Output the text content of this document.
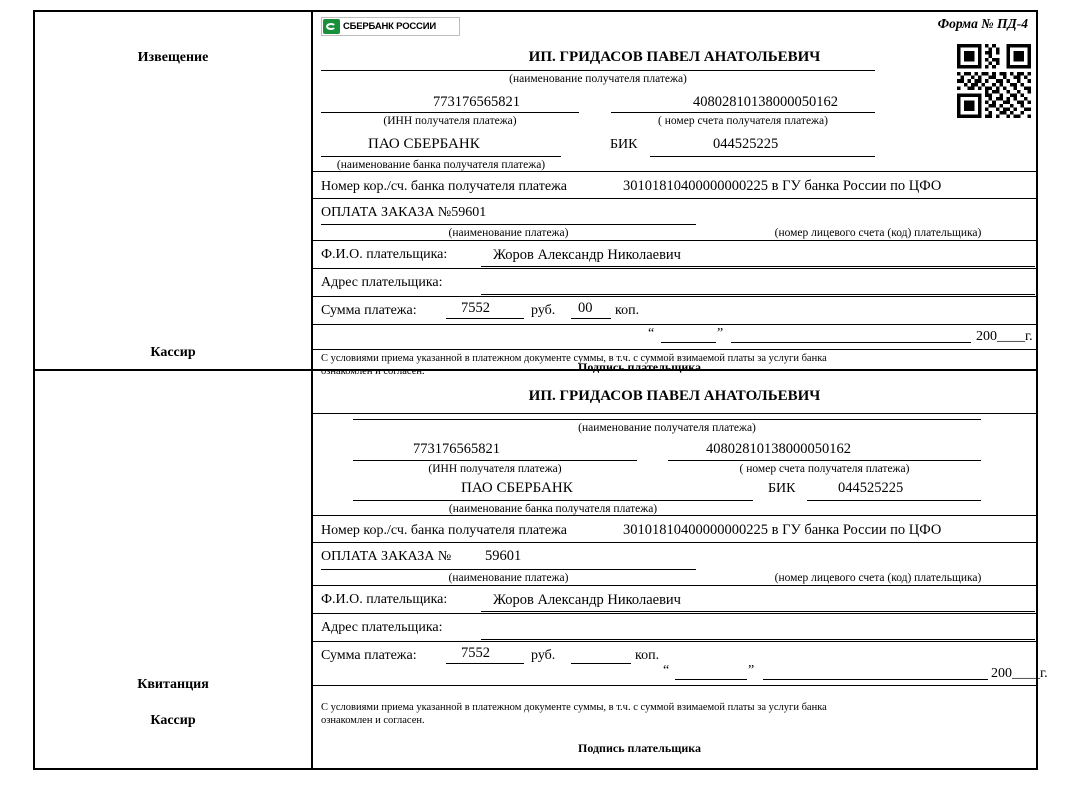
Извещение
Кассир
СБЕРБАНК РОССИИ	Форма № ПД-4
ИП. ГРИДАСОВ ПАВЕЛ АНАТОЛЬЕВИЧ
(наименование получателя платежа)
773176565821
(ИНН получателя платежа)
40802810138000050162
( номер счета получателя платежа)
ПАО СБЕРБАНК
(наименование банка получателя платежа)
БИК	044525225
Номер кор./сч. банка получателя платежа	30101810400000000225 в ГУ банка России по ЦФО
ОПЛАТА ЗАКАЗА №59601
(наименование платежа)	(номер лицевого счета (код) плательщика)
Ф.И.О. плательщика:	Жоров Александр Николаевич
Адрес плательщика:
Сумма платежа:	7552	руб. 00 коп.
“	”	200____г.
С условиями приема указанной в платежном документе суммы, в т.ч. с суммой взимаемой платы за услуги банка
ознакомлен и согласен.	Подпись плательщика
Квитанция
Кассир
ИП. ГРИДАСОВ ПАВЕЛ АНАТОЛЬЕВИЧ
(наименование получателя платежа)
773176565821
(ИНН получателя платежа)
40802810138000050162
( номер счета получателя платежа)
ПАО СБЕРБАНК
(наименование банка получателя платежа)
БИК	044525225
Номер кор./сч. банка получателя платежа	30101810400000000225 в ГУ банка России по ЦФО
ОПЛАТА ЗАКАЗА № 59601
(наименование платежа)	(номер лицевого счета (код) плательщика)
Ф.И.О. плательщика:	Жоров Александр Николаевич
Адрес плательщика:
Сумма платежа:	7552	руб.	коп.
“	”	200____г.
С условиями приема указанной в платежном документе суммы, в т.ч. с суммой взимаемой платы за услуги банка
ознакомлен и согласен.
Подпись плательщика
